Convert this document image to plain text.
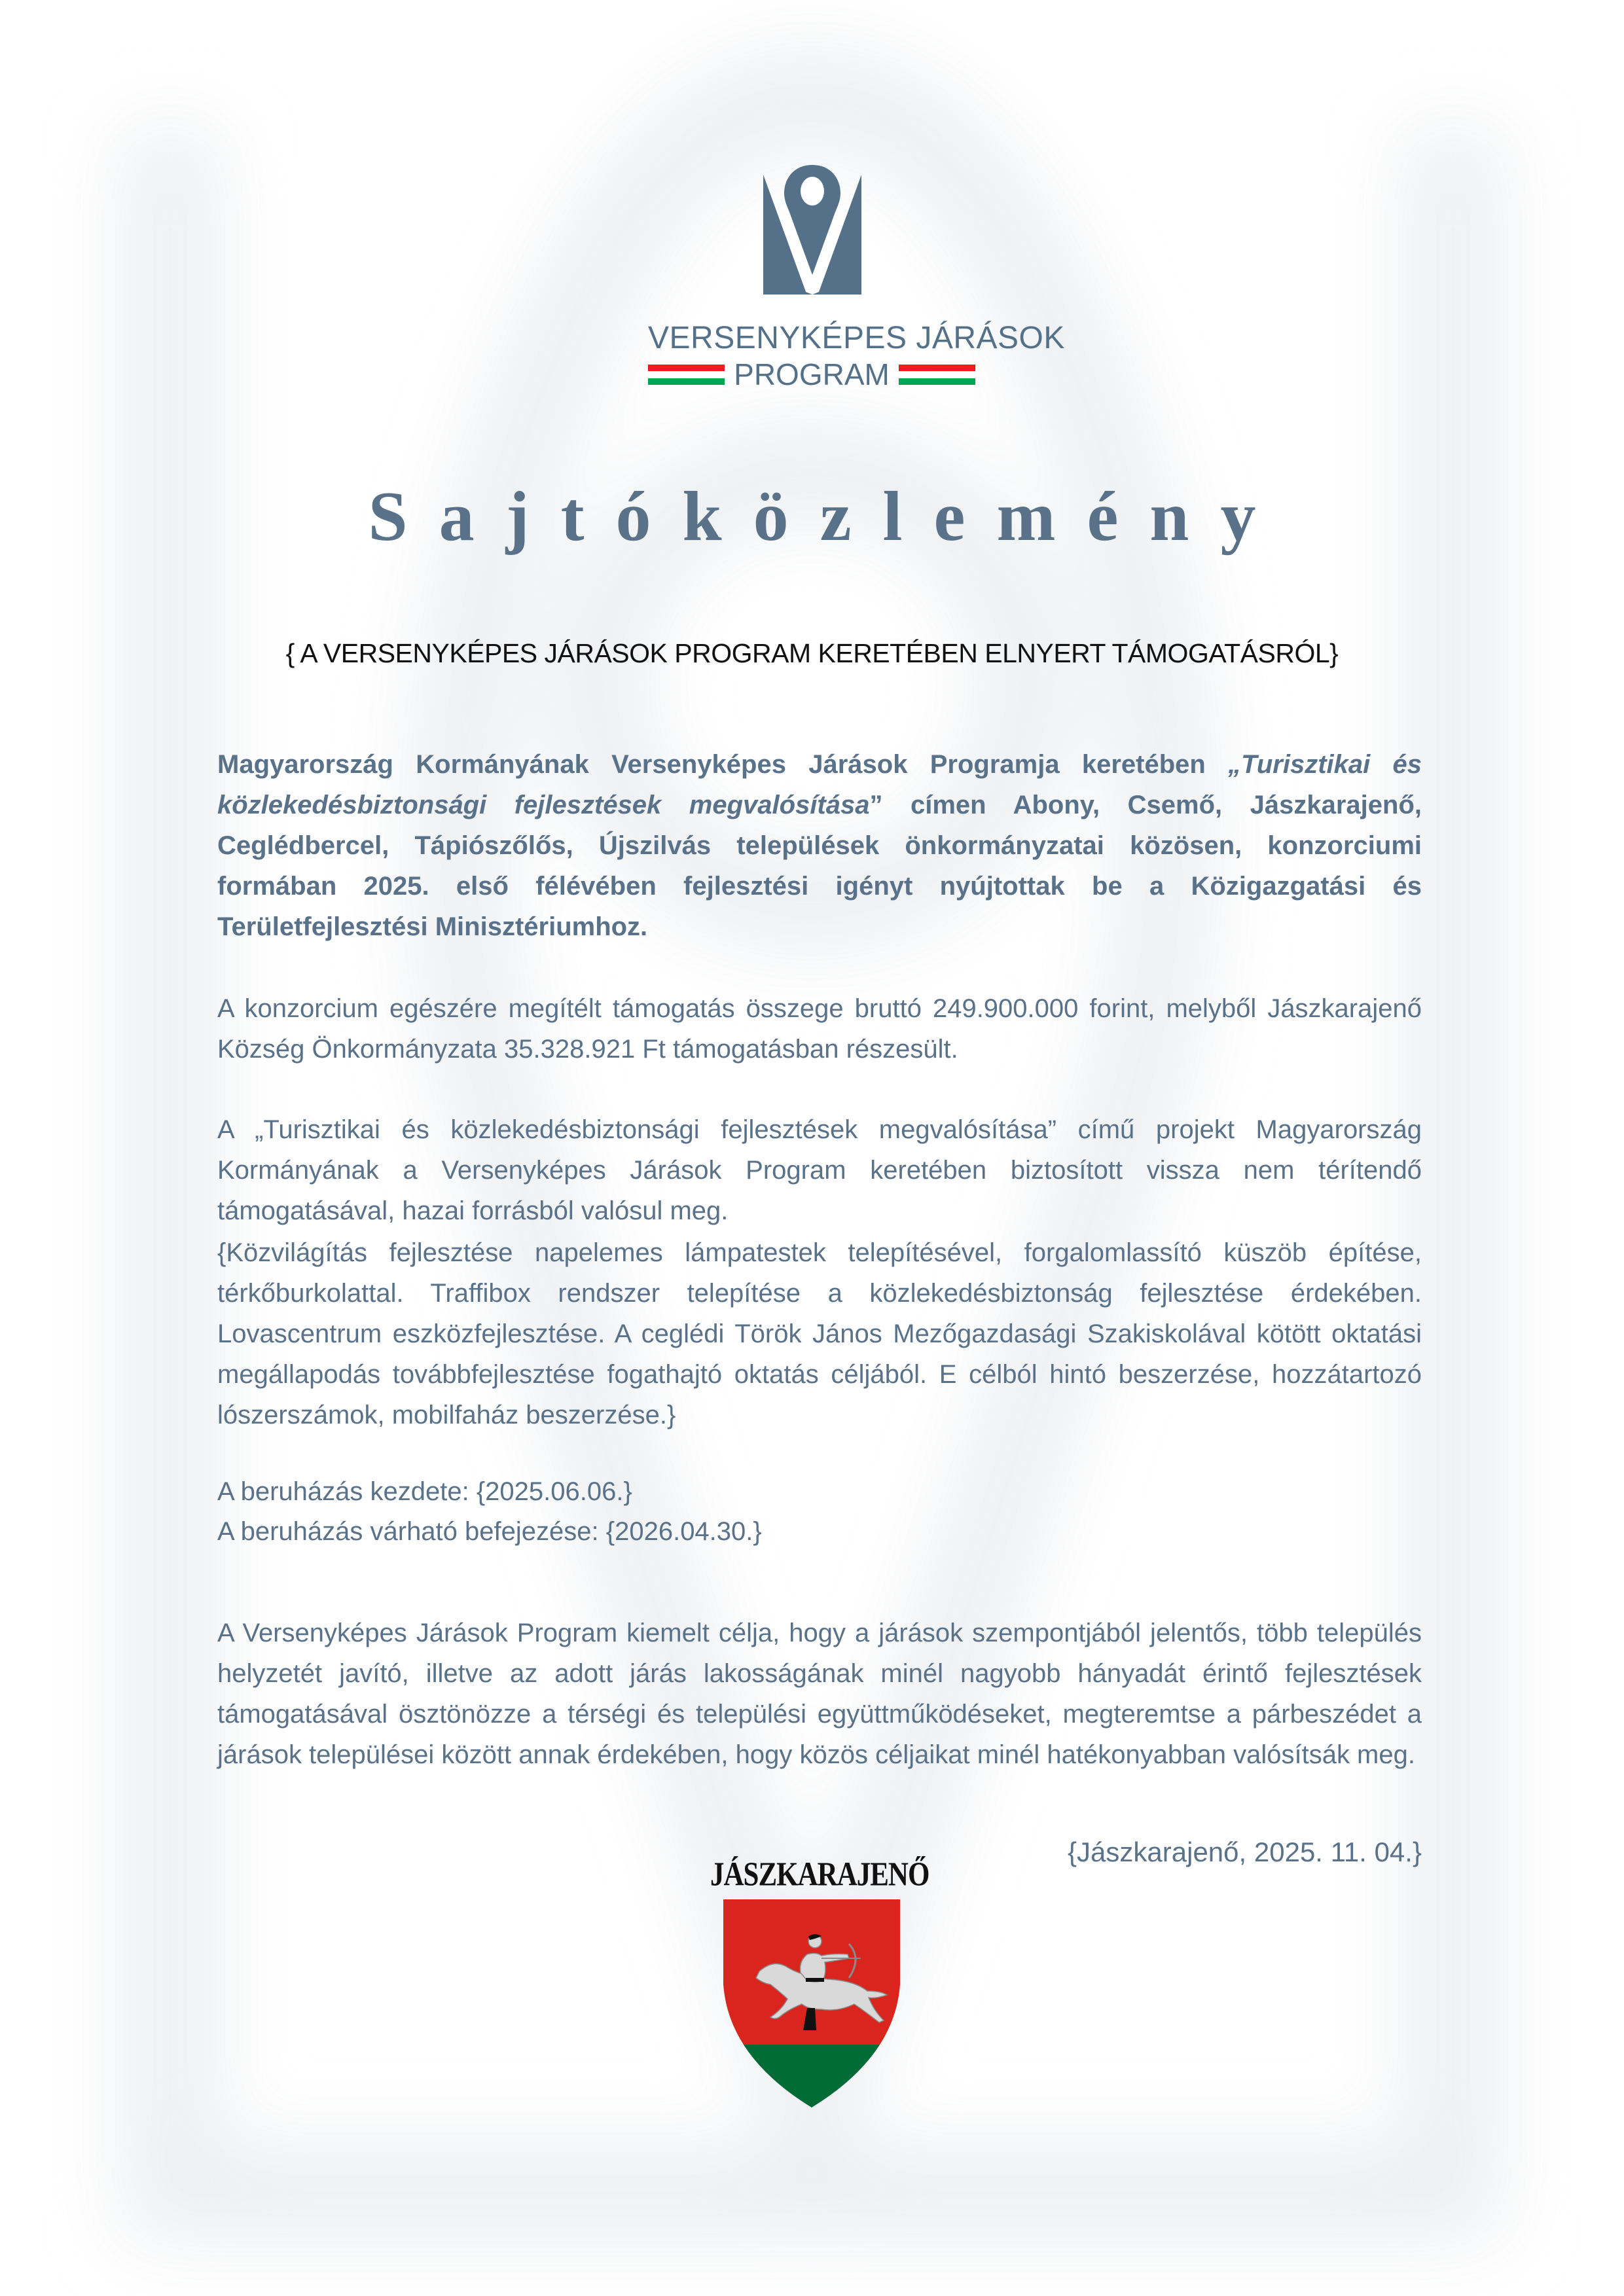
VERSENYKÉPES JÁRÁSOK
PROGRAM
Sajtóközlemény
{ A VERSENYKÉPES JÁRÁSOK PROGRAM KERETÉBEN ELNYERT TÁMOGATÁSRÓL}
Magyarország Kormányának Versenyképes Járások Programja keretében „Turisztikai és közlekedésbiztonsági fejlesztések megvalósítása” címen Abony, Csemő, Jászkarajenő, Ceglédbercel, Tápiószőlős, Újszilvás települések önkormányzatai közösen, konzorciumi formában 2025. első félévében fejlesztési igényt nyújtottak be a Közigazgatási és Területfejlesztési Minisztériumhoz.
A konzorcium egészére megítélt támogatás összege bruttó 249.900.000 forint, melyből Jászkarajenő Község Önkormányzata 35.328.921 Ft támogatásban részesült.
A „Turisztikai és közlekedésbiztonsági fejlesztések megvalósítása” című projekt Magyarország Kormányának a Versenyképes Járások Program keretében biztosított vissza nem térítendő támogatásával, hazai forrásból valósul meg.
{Közvilágítás fejlesztése napelemes lámpatestek telepítésével, forgalomlassító küszöb építése, térkőburkolattal. Traffibox rendszer telepítése a közlekedésbiztonság fejlesztése érdekében. Lovascentrum eszközfejlesztése. A ceglédi Török János Mezőgazdasági Szakiskolával kötött oktatási megállapodás továbbfejlesztése fogathajtó oktatás céljából. E célból hintó beszerzése, hozzátartozó lószerszámok, mobilfaház beszerzése.}
A beruházás kezdete: {2025.06.06.}
A beruházás várható befejezése: {2026.04.30.}
A Versenyképes Járások Program kiemelt célja, hogy a járások szempontjából jelentős, több település helyzetét javító, illetve az adott járás lakosságának minél nagyobb hányadát érintő fejlesztések támogatásával ösztönözze a térségi és települési együttműködéseket, megteremtse a párbeszédet a járások települései között annak érdekében, hogy közös céljaikat minél hatékonyabban valósítsák meg.
{Jászkarajenő, 2025. 11. 04.}
JÁSZKARAJENŐ
